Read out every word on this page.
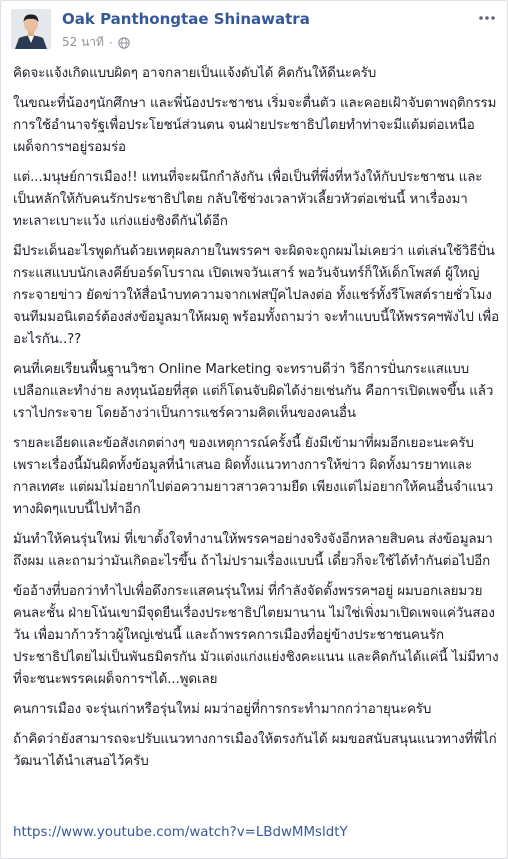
Oak Panthongtae Shinawatra
52 นาที ·

คิดจะแจ้งเกิดแบบผิดๆ อาจกลายเป็นแจ้งดับได้ คิดกันให้ดีนะครับ

ในขณะที่น้องๆนักศึกษา และพี่น้องประชาชน เริ่มจะตื่นตัว และคอยเฝ้าจับตาพฤติกรรมการใช้อำนาจรัฐเพื่อประโยชน์ส่วนตน จนฝ่ายประชาธิปไตยทำท่าจะมีแต้มต่อเหนือเผด็จการฯอยู่รอมร่อ

แต่...มนุษย์การเมือง!! แทนที่จะผนึกกำลังกัน เพื่อเป็นที่พึ่งที่หวังให้กับประชาชน และเป็นหลักให้กับคนรักประชาธิปไตย กลับใช้ช่วงเวลาหัวเลี้ยวหัวต่อเช่นนี้ หาเรื่องมาทะเลาะเบาะแว้ง แก่งแย่งชิงดีกันได้อีก

มีประเด็นอะไรพูดกันด้วยเหตุผลภายในพรรคฯ จะผิดจะถูกผมไม่เคยว่า แต่เล่นใช้วิธีปั่นกระแสแบบนักเลงคีย์บอร์ดโบราณ เปิดเพจวันเสาร์ พอวันจันทร์ก็ให้เด็กโพสต์ ผู้ใหญ่กระจายข่าว ยัดข่าวให้สื่อนำบทความจากเฟสบุ๊คไปลงต่อ ทั้งแชร์ทั้งรีโพสต์รายชั่วโมง จนทีมมอนิเตอร์ต้องส่งข้อมูลมาให้ผมดู พร้อมทั้งถามว่า จะทำแบบนี้ให้พรรคฯพังไป เพื่ออะไรกัน..??

คนที่เคยเรียนพื้นฐานวิชา Online Marketing จะทราบดีว่า วิธีการปั่นกระแสแบบเปลือกและทำง่าย ลงทุนน้อยที่สุด แต่ก็โดนจับผิดได้ง่ายเช่นกัน คือการเปิดเพจขึ้น แล้วเราไปกระจาย โดยอ้างว่าเป็นการแชร์ความคิดเห็นของคนอื่น

รายละเอียดและข้อสังเกตต่างๆ ของเหตุการณ์ครั้งนี้ ยังมีเข้ามาที่ผมอีกเยอะนะครับ เพราะเรื่องนี้มันผิดทั้งข้อมูลที่นำเสนอ ผิดทั้งแนวทางการให้ข่าว ผิดทั้งมารยาทและกาลเทศะ แต่ผมไม่อยากไปต่อความยาวสาวความยืด เพียงแต่ไม่อยากให้คนอื่นจำแนวทางผิดๆแบบนี้ไปทำอีก

มันทำให้คนรุ่นใหม่ ที่เขาตั้งใจทำงานให้พรรคฯอย่างจริงจังอีกหลายสิบคน ส่งข้อมูลมาถึงผม และถามว่ามันเกิดอะไรขึ้น ถ้าไม่ปรามเรื่องแบบนี้ เดี๋ยวก็จะใช้ได้ทำกันต่อไปอีก

ข้ออ้างที่บอกว่าทำไปเพื่อดึงกระแสคนรุ่นใหม่ ที่กำลังจัดตั้งพรรคฯอยู่ ผมบอกเลยมวยคนละชั้น ฝ่ายโน้นเขามีจุดยืนเรื่องประชาธิปไตยมานาน ไม่ใช่เพิ่งมาเปิดเพจแค่วันสองวัน เพื่อมาก้าวร้าวผู้ใหญ่เช่นนี้ และถ้าพรรคการเมืองที่อยู่ข้างประชาชนคนรักประชาธิปไตยไม่เป็นพันธมิตรกัน มัวแต่งแก่งแย่งชิงคะแนน และคิดกันได้แค่นี้ ไม่มีทางที่จะชนะพรรคเผด็จการฯได้...พูดเลย

คนการเมือง จะรุ่นเก่าหรือรุ่นใหม่ ผมว่าอยู่ที่การกระทำมากกว่าอายุนะครับ

ถ้าคิดว่ายังสามารถจะปรับแนวทางการเมืองให้ตรงกันได้ ผมขอสนับสนุนแนวทางที่พี่ไก่วัฒนาได้นำเสนอไว้ครับ

https://www.youtube.com/watch?v=LBdwMMsldtY
